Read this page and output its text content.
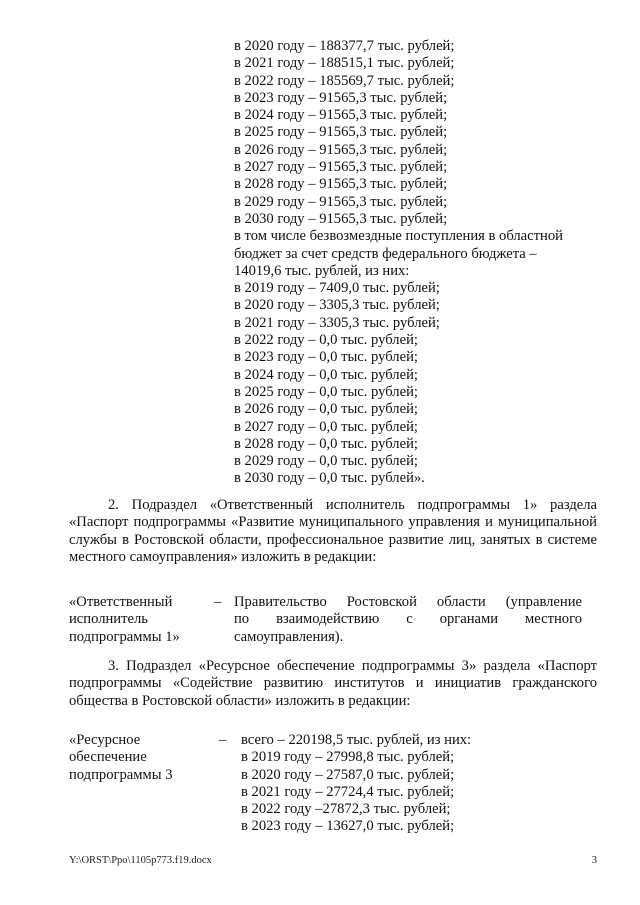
в 2020 году – 188377,7 тыс. рублей;
в 2021 году – 188515,1 тыс. рублей;
в 2022 году – 185569,7 тыс. рублей;
в 2023 году – 91565,3 тыс. рублей;
в 2024 году – 91565,3 тыс. рублей;
в 2025 году – 91565,3 тыс. рублей;
в 2026 году – 91565,3 тыс. рублей;
в 2027 году – 91565,3 тыс. рублей;
в 2028 году – 91565,3 тыс. рублей;
в 2029 году – 91565,3 тыс. рублей;
в 2030 году – 91565,3 тыс. рублей;
в том числе безвозмездные поступления в областной бюджет за счет средств федерального бюджета – 14019,6 тыс. рублей, из них:
в 2019 году – 7409,0 тыс. рублей;
в 2020 году – 3305,3 тыс. рублей;
в 2021 году – 3305,3 тыс. рублей;
в 2022 году – 0,0 тыс. рублей;
в 2023 году – 0,0 тыс. рублей;
в 2024 году – 0,0 тыс. рублей;
в 2025 году – 0,0 тыс. рублей;
в 2026 году – 0,0 тыс. рублей;
в 2027 году – 0,0 тыс. рублей;
в 2028 году – 0,0 тыс. рублей;
в 2029 году – 0,0 тыс. рублей;
в 2030 году – 0,0 тыс. рублей».
2. Подраздел «Ответственный исполнитель подпрограммы 1» раздела «Паспорт подпрограммы «Развитие муниципального управления и муниципальной службы в Ростовской области, профессиональное развитие лиц, занятых в системе местного самоуправления» изложить в редакции:
«Ответственный
исполнитель
подпрограммы 1»
– Правительство Ростовской области (управление
по взаимодействию с органами местного
самоуправления).
3. Подраздел «Ресурсное обеспечение подпрограммы 3» раздела «Паспорт подпрограммы «Содействие развитию институтов и инициатив гражданского общества в Ростовской области» изложить в редакции:
«Ресурсное
обеспечение
подпрограммы 3
– всего – 220198,5 тыс. рублей, из них:
в 2019 году – 27998,8 тыс. рублей;
в 2020 году – 27587,0 тыс. рублей;
в 2021 году – 27724,4 тыс. рублей;
в 2022 году –27872,3 тыс. рублей;
в 2023 году – 13627,0 тыс. рублей;
Y:\ORST\Ppo\1105p773.f19.docx	3
